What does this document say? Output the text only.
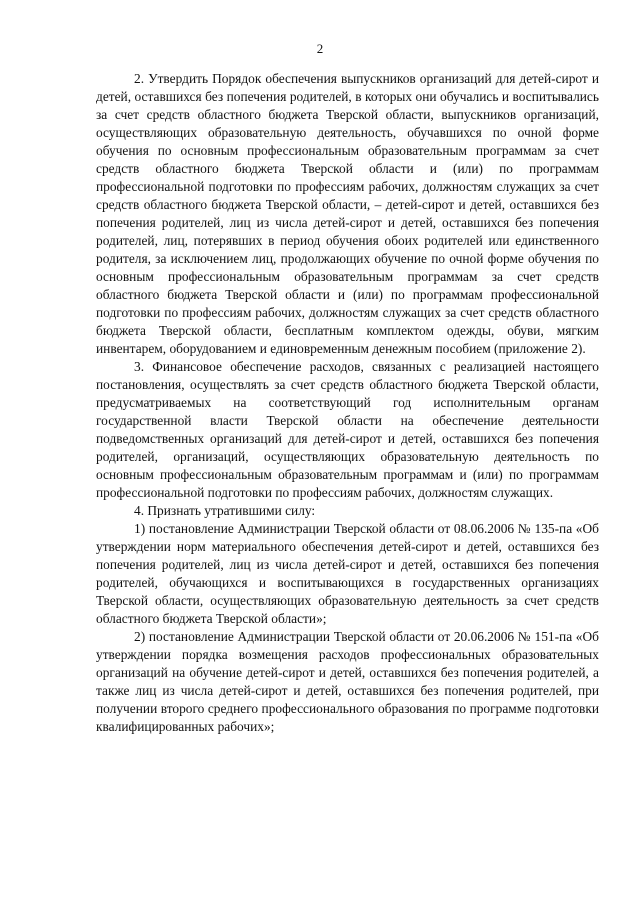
2

2. Утвердить Порядок обеспечения выпускников организаций для детей-сирот и детей, оставшихся без попечения родителей, в которых они обучались и воспитывались за счет средств областного бюджета Тверской области, выпускников организаций, осуществляющих образовательную деятельность, обучавшихся по очной форме обучения по основным профессиональным образовательным программам за счет средств областного бюджета Тверской области и (или) по программам профессиональной подготовки по профессиям рабочих, должностям служащих за счет средств областного бюджета Тверской области, – детей-сирот и детей, оставшихся без попечения родителей, лиц из числа детей-сирот и детей, оставшихся без попечения родителей, лиц, потерявших в период обучения обоих родителей или единственного родителя, за исключением лиц, продолжающих обучение по очной форме обучения по основным профессиональным образовательным программам за счет средств областного бюджета Тверской области и (или) по программам профессиональной подготовки по профессиям рабочих, должностям служащих за счет средств областного бюджета Тверской области, бесплатным комплектом одежды, обуви, мягким инвентарем, оборудованием и единовременным денежным пособием (приложение 2).

3. Финансовое обеспечение расходов, связанных с реализацией настоящего постановления, осуществлять за счет средств областного бюджета Тверской области, предусматриваемых на соответствующий год исполнительным органам государственной власти Тверской области на обеспечение деятельности подведомственных организаций для детей-сирот и детей, оставшихся без попечения родителей, организаций, осуществляющих образовательную деятельность по основным профессиональным образовательным программам и (или) по программам профессиональной подготовки по профессиям рабочих, должностям служащих.

4. Признать утратившими силу:

1) постановление Администрации Тверской области от 08.06.2006 № 135-па «Об утверждении норм материального обеспечения детей-сирот и детей, оставшихся без попечения родителей, лиц из числа детей-сирот и детей, оставшихся без попечения родителей, обучающихся и воспитывающихся в государственных организациях Тверской области, осуществляющих образовательную деятельность за счет средств областного бюджета Тверской области»;

2) постановление Администрации Тверской области от 20.06.2006 № 151-па «Об утверждении порядка возмещения расходов профессиональных образовательных организаций на обучение детей-сирот и детей, оставшихся без попечения родителей, а также лиц из числа детей-сирот и детей, оставшихся без попечения родителей, при получении второго среднего профессионального образования по программе подготовки квалифицированных рабочих»;
